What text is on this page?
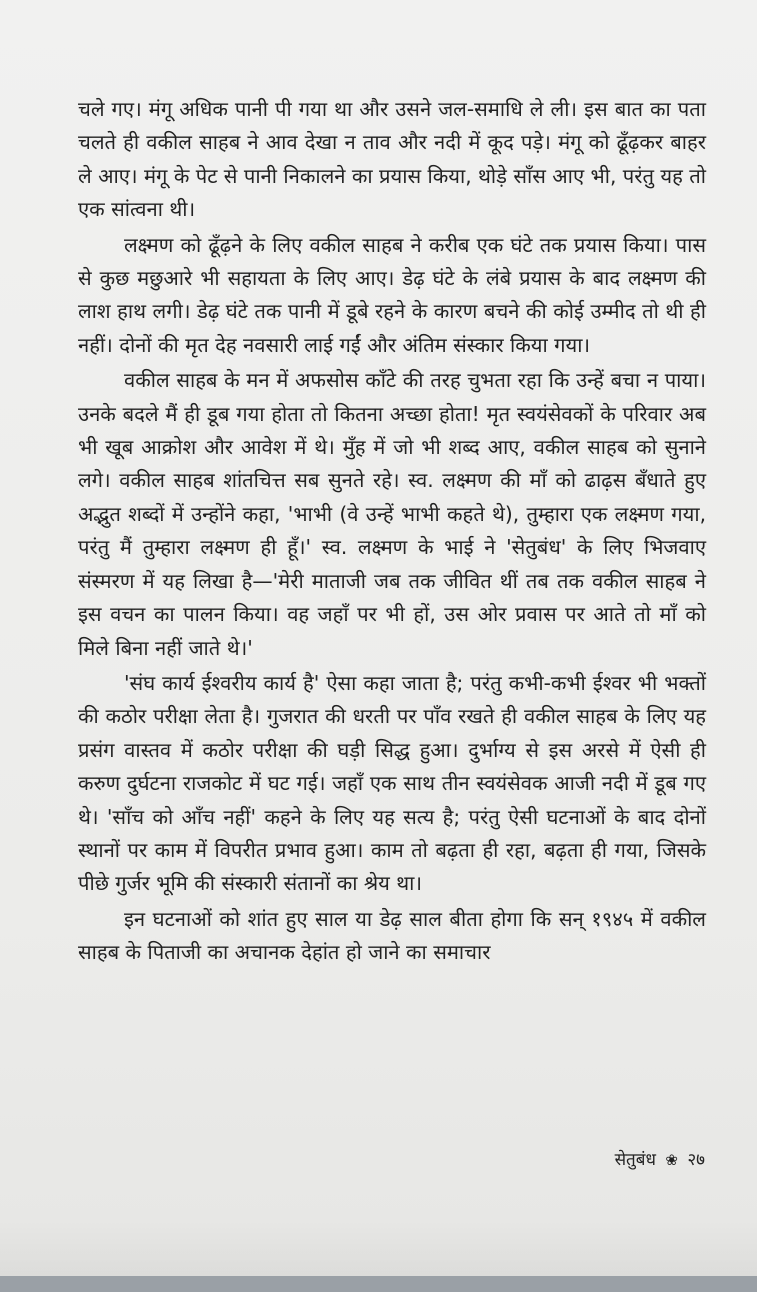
चले गए। मंगू अधिक पानी पी गया था और उसने जल-समाधि ले ली। इस बात का पता चलते ही वकील साहब ने आव देखा न ताव और नदी में कूद पड़े। मंगू को ढूँढ़कर बाहर ले आए। मंगू के पेट से पानी निकालने का प्रयास किया, थोड़े साँस आए भी, परंतु यह तो एक सांत्वना थी।

लक्ष्मण को ढूँढ़ने के लिए वकील साहब ने करीब एक घंटे तक प्रयास किया। पास से कुछ मछुआरे भी सहायता के लिए आए। डेढ़ घंटे के लंबे प्रयास के बाद लक्ष्मण की लाश हाथ लगी। डेढ़ घंटे तक पानी में डूबे रहने के कारण बचने की कोई उम्मीद तो थी ही नहीं। दोनों की मृत देह नवसारी लाई गईं और अंतिम संस्कार किया गया।

वकील साहब के मन में अफसोस काँटे की तरह चुभता रहा कि उन्हें बचा न पाया। उनके बदले मैं ही डूब गया होता तो कितना अच्छा होता! मृत स्वयंसेवकों के परिवार अब भी खूब आक्रोश और आवेश में थे। मुँह में जो भी शब्द आए, वकील साहब को सुनाने लगे। वकील साहब शांतचित्त सब सुनते रहे। स्व. लक्ष्मण की माँ को ढाढ़स बँधाते हुए अद्भुत शब्दों में उन्होंने कहा, 'भाभी (वे उन्हें भाभी कहते थे), तुम्हारा एक लक्ष्मण गया, परंतु मैं तुम्हारा लक्ष्मण ही हूँ।' स्व. लक्ष्मण के भाई ने 'सेतुबंध' के लिए भिजवाए संस्मरण में यह लिखा है—'मेरी माताजी जब तक जीवित थीं तब तक वकील साहब ने इस वचन का पालन किया। वह जहाँ पर भी हों, उस ओर प्रवास पर आते तो माँ को मिले बिना नहीं जाते थे।'

'संघ कार्य ईश्वरीय कार्य है' ऐसा कहा जाता है; परंतु कभी-कभी ईश्वर भी भक्तों की कठोर परीक्षा लेता है। गुजरात की धरती पर पाँव रखते ही वकील साहब के लिए यह प्रसंग वास्तव में कठोर परीक्षा की घड़ी सिद्ध हुआ। दुर्भाग्य से इस अरसे में ऐसी ही करुण दुर्घटना राजकोट में घट गई। जहाँ एक साथ तीन स्वयंसेवक आजी नदी में डूब गए थे। 'साँच को आँच नहीं' कहने के लिए यह सत्य है; परंतु ऐसी घटनाओं के बाद दोनों स्थानों पर काम में विपरीत प्रभाव हुआ। काम तो बढ़ता ही रहा, बढ़ता ही गया, जिसके पीछे गुर्जर भूमि की संस्कारी संतानों का श्रेय था।

इन घटनाओं को शांत हुए साल या डेढ़ साल बीता होगा कि सन् १९४५ में वकील साहब के पिताजी का अचानक देहांत हो जाने का समाचार

सेतुबंध ❀ २७
